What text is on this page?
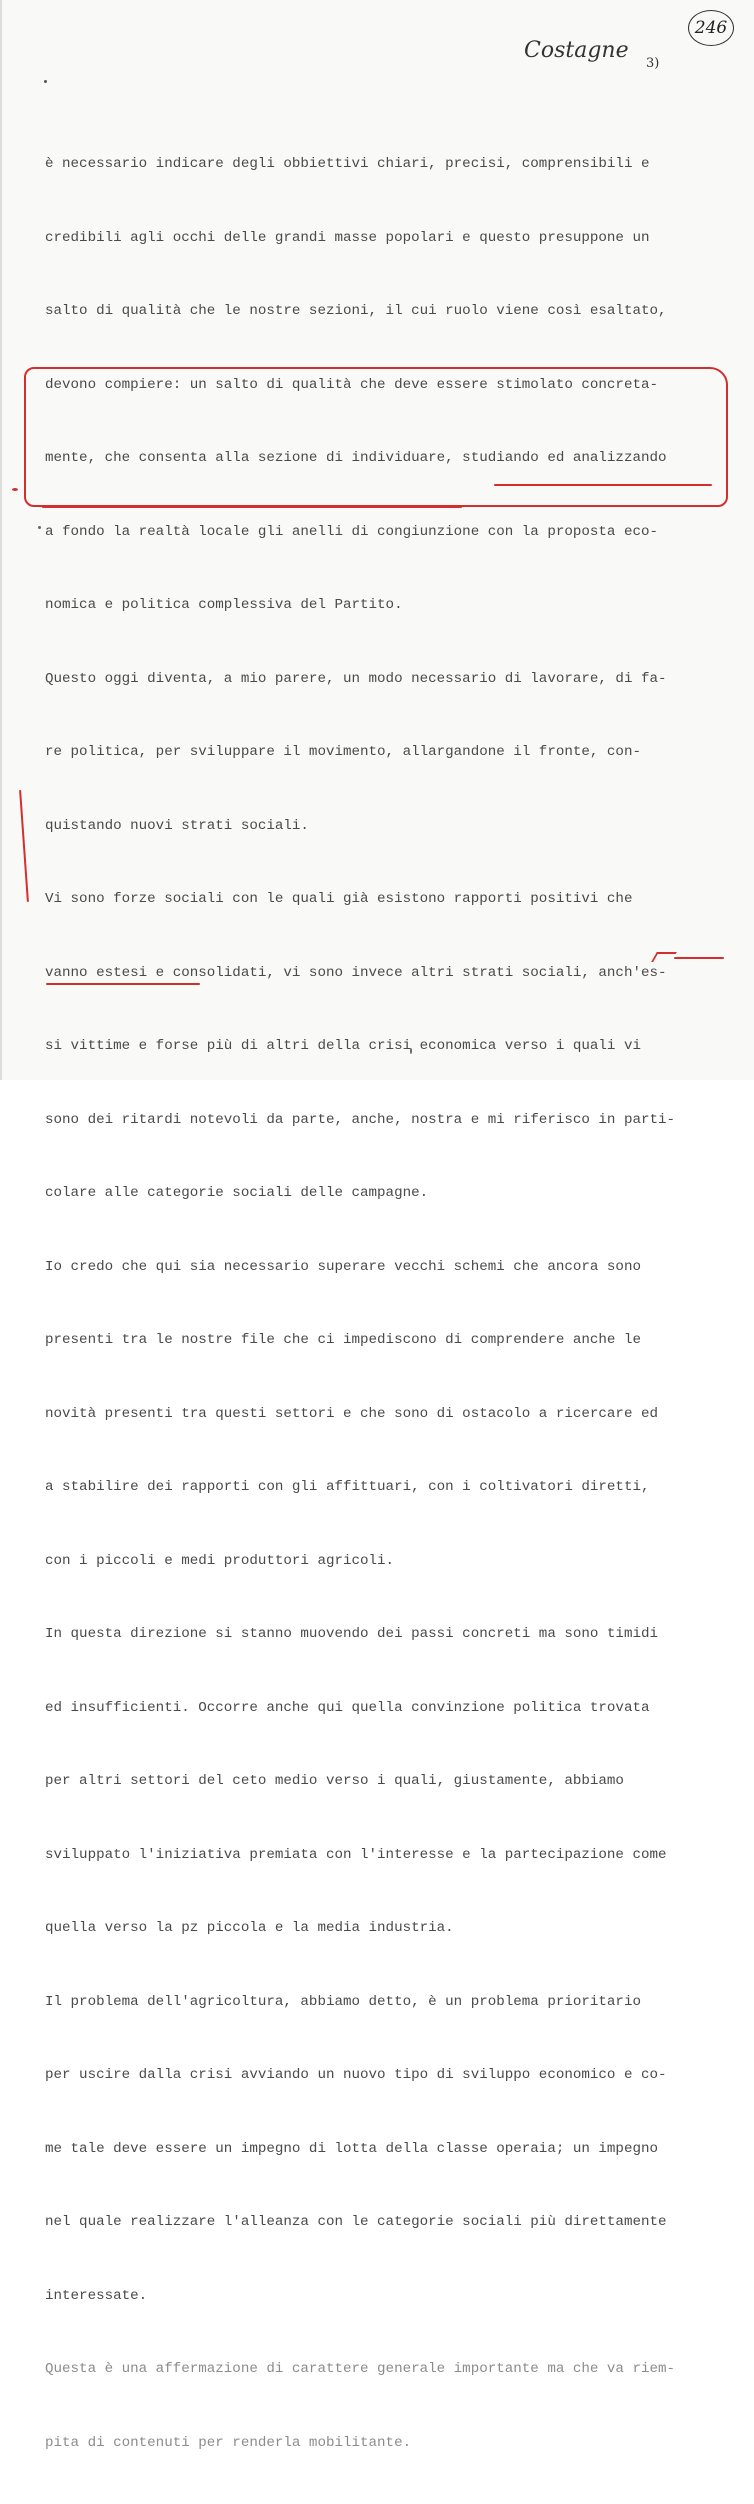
Costagne
3)
246

è necessario indicare degli obbiettivi chiari, precisi, comprensibili e

credibili agli occhi delle grandi masse popolari e questo presuppone un

salto di qualità che le nostre sezioni, il cui ruolo viene così esaltato,

devono compiere: un salto di qualità che deve essere stimolato concreta-

mente, che consenta alla sezione di individuare, studiando ed analizzando

a fondo la realtà locale gli anelli di congiunzione con la proposta eco-

nomica e politica complessiva del Partito.

Questo oggi diventa, a mio parere, un modo necessario di lavorare, di fa-

re politica, per sviluppare il movimento, allargandone il fronte, con-

quistando nuovi strati sociali.

Vi sono forze sociali con le quali già esistono rapporti positivi che

vanno estesi e consolidati, vi sono invece altri strati sociali, anch'es-

si vittime e forse più di altri della crisi economica verso i quali vi

sono dei ritardi notevoli da parte, anche, nostra e mi riferisco in parti-

colare alle categorie sociali delle campagne.

Io credo che qui sia necessario superare vecchi schemi che ancora sono

presenti tra le nostre file che ci impediscono di comprendere anche le

novità presenti tra questi settori e che sono di ostacolo a ricercare ed

a stabilire dei rapporti con gli affittuari, con i coltivatori diretti,

con i piccoli e medi produttori agricoli.

In questa direzione si stanno muovendo dei passi concreti ma sono timidi

ed insufficienti. Occorre anche qui quella convinzione politica trovata

per altri settori del ceto medio verso i quali, giustamente, abbiamo

sviluppato l'iniziativa premiata con l'interesse e la partecipazione come

quella verso la pz piccola e la media industria.

Il problema dell'agricoltura, abbiamo detto, è un problema prioritario

per uscire dalla crisi avviando un nuovo tipo di sviluppo economico e co-

me tale deve essere un impegno di lotta della classe operaia; un impegno

nel quale realizzare l'alleanza con le categorie sociali più direttamente

interessate.

Questa è una affermazione di carattere generale importante ma che va riem-

pita di contenuti per renderla mobilitante.
